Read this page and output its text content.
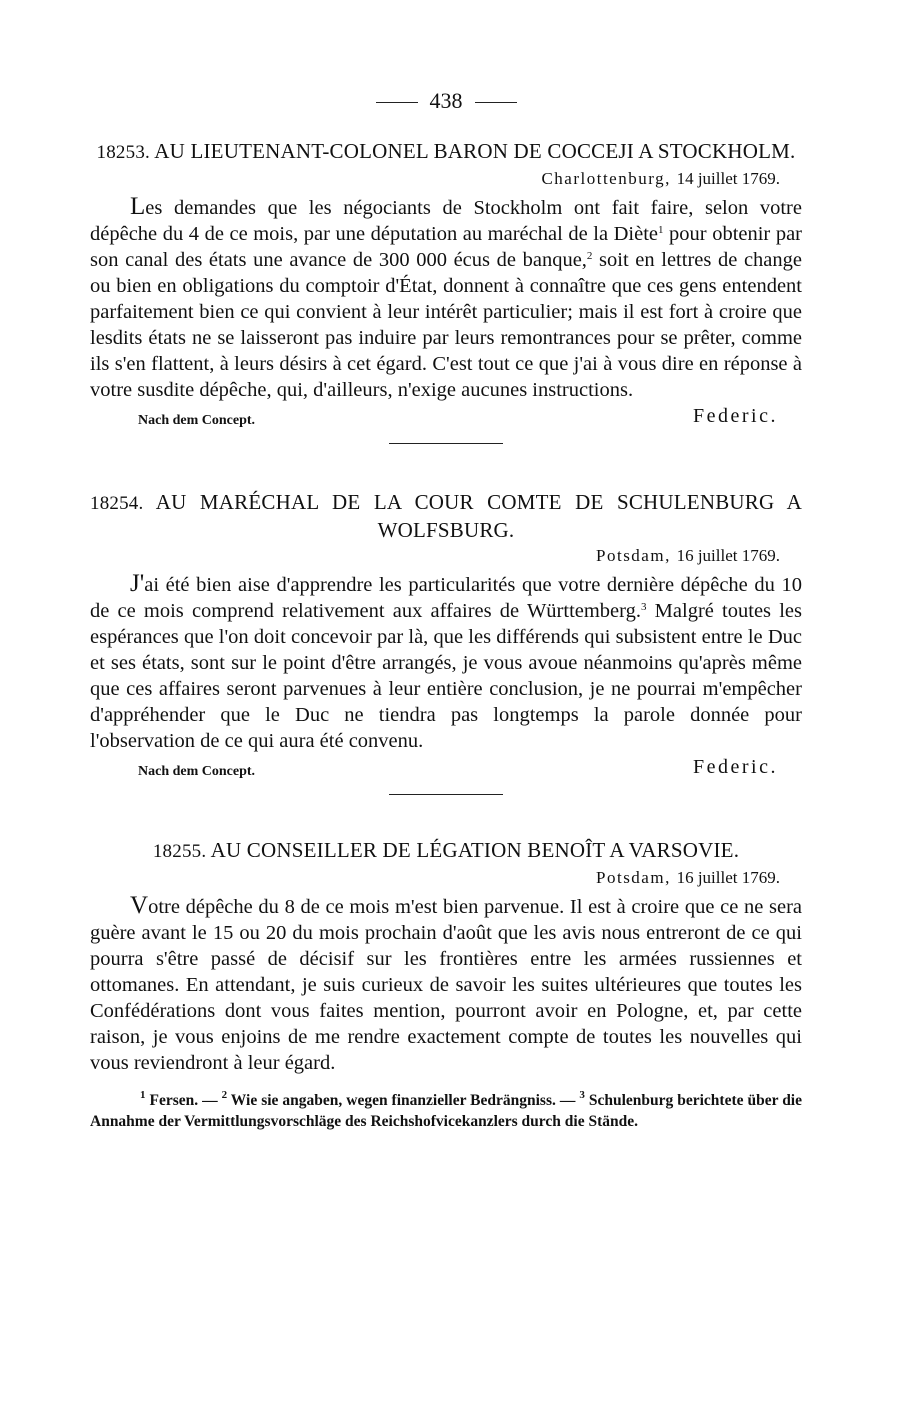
438
18253. AU LIEUTENANT-COLONEL BARON DE COCCEJI A STOCKHOLM.
Charlottenburg, 14 juillet 1769.

Les demandes que les négociants de Stockholm ont fait faire, selon votre dépêche du 4 de ce mois, par une députation au maréchal de la Diète$^1$ pour obtenir par son canal des états une avance de 300 000 écus de banque,$^2$ soit en lettres de change ou bien en obligations du comptoir d'État, donnent à connaître que ces gens entendent parfaitement bien ce qui convient à leur intérêt particulier; mais il est fort à croire que lesdits états ne se laisseront pas induire par leurs remontrances pour se prêter, comme ils s'en flattent, à leurs désirs à cet égard. C'est tout ce que j'ai à vous dire en réponse à votre susdite dépêche, qui, d'ailleurs, n'exige aucunes instructions.

Nach dem Concept.	Federic.
18254. AU MARÉCHAL DE LA COUR COMTE DE SCHULENBURG A WOLFSBURG.
Potsdam, 16 juillet 1769.

J'ai été bien aise d'apprendre les particularités que votre dernière dépêche du 10 de ce mois comprend relativement aux affaires de Württemberg.$^3$ Malgré toutes les espérances que l'on doit concevoir par là, que les différends qui subsistent entre le Duc et ses états, sont sur le point d'être arrangés, je vous avoue néanmoins qu'après même que ces affaires seront parvenues à leur entière conclusion, je ne pourrai m'empêcher d'appréhender que le Duc ne tiendra pas longtemps la parole donnée pour l'observation de ce qui aura été convenu.

Nach dem Concept.	Federic.
18255. AU CONSEILLER DE LÉGATION BENOÎT A VARSOVIE.
Potsdam, 16 juillet 1769.

Votre dépêche du 8 de ce mois m'est bien parvenue. Il est à croire que ce ne sera guère avant le 15 ou 20 du mois prochain d'août que les avis nous entreront de ce qui pourra s'être passé de décisif sur les frontières entre les armées russiennes et ottomanes. En attendant, je suis curieux de savoir les suites ultérieures que toutes les Confédérations dont vous faites mention, pourront avoir en Pologne, et, par cette raison, je vous enjoins de me rendre exactement compte de toutes les nouvelles qui vous reviendront à leur égard.

$^1$ Fersen. — $^2$ Wie sie angaben, wegen finanzieller Bedrängniss. — $^3$ Schulenburg berichtete über die Annahme der Vermittlungsvorschläge des Reichshofvicekanzlers durch die Stände.
